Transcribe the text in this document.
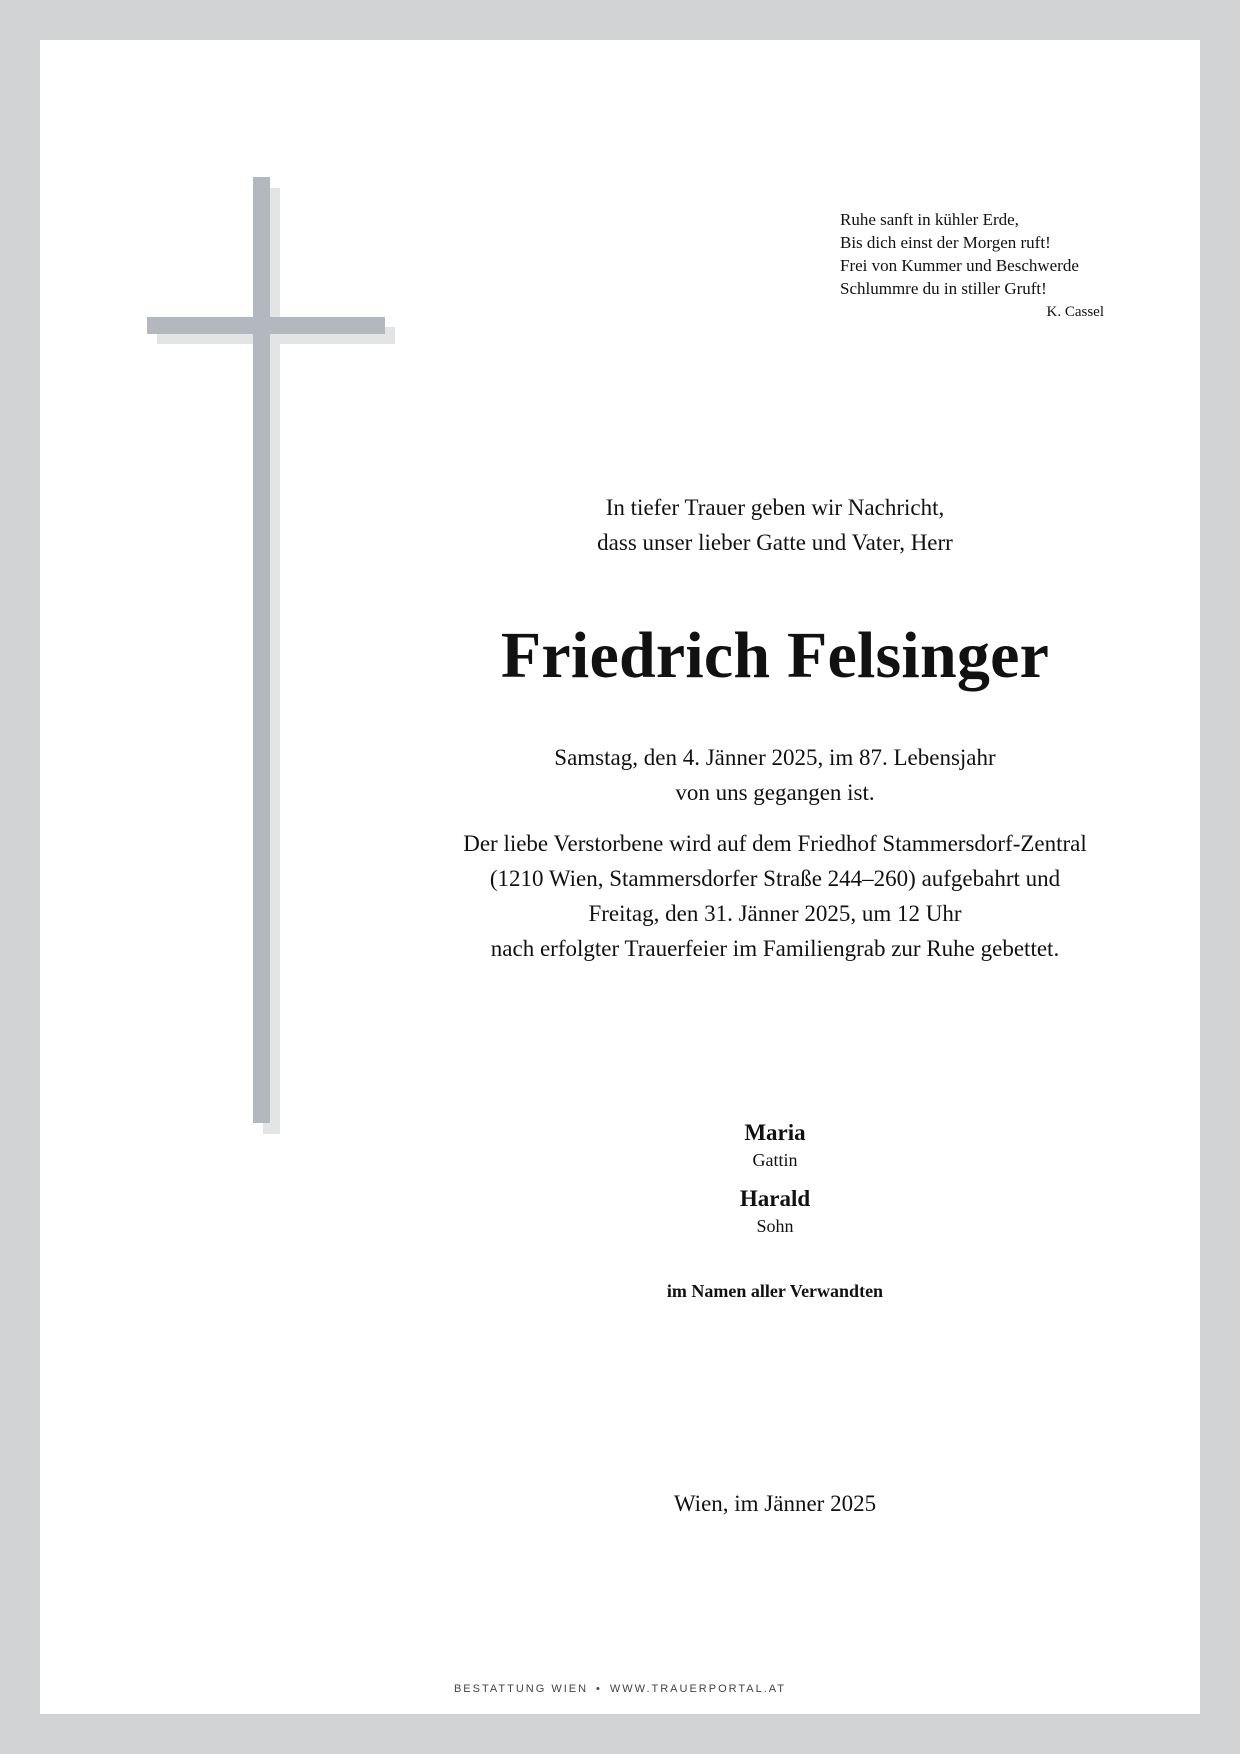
Ruhe sanft in kühler Erde,
Bis dich einst der Morgen ruft!
Frei von Kummer und Beschwerde
Schlummre du in stiller Gruft!
K. Cassel
In tiefer Trauer geben wir Nachricht,
dass unser lieber Gatte und Vater, Herr
Friedrich Felsinger
Samstag, den 4. Jänner 2025, im 87. Lebensjahr
von uns gegangen ist.
Der liebe Verstorbene wird auf dem Friedhof Stammersdorf-Zentral
(1210 Wien, Stammersdorfer Straße 244–260) aufgebahrt und
Freitag, den 31. Jänner 2025, um 12 Uhr
nach erfolgter Trauerfeier im Familiengrab zur Ruhe gebettet.
Maria
Gattin
Harald
Sohn
im Namen aller Verwandten
Wien, im Jänner 2025
BESTATTUNG WIEN • WWW.TRAUERPORTAL.AT
